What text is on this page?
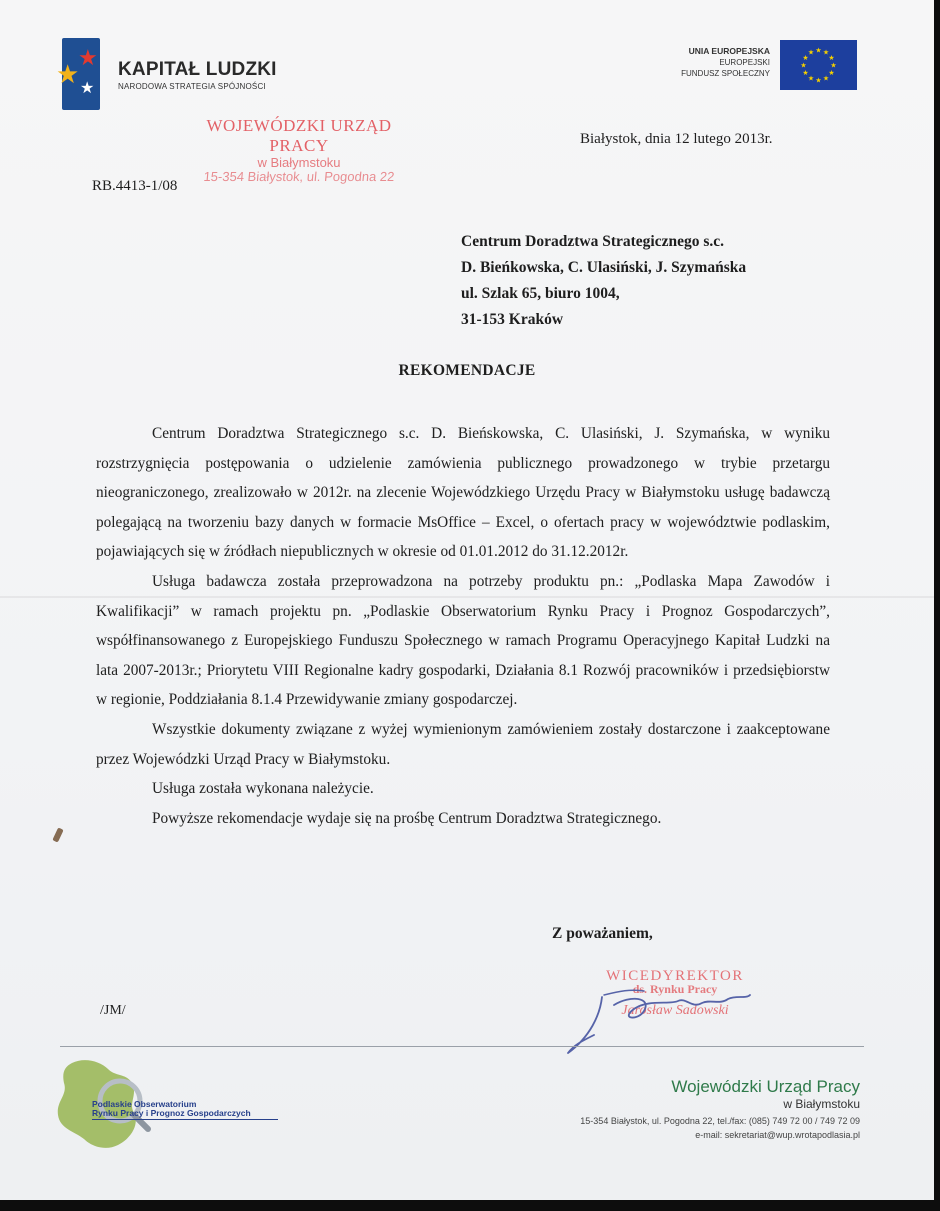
★
★ ★
KAPITAŁ LUDZKI
NARODOWA STRATEGIA SPÓJNOŚCI
UNIA EUROPEJSKA
EUROPEJSKI
FUNDUSZ SPOŁECZNY
★
★
★
★
★
★
★
★
★ ★ ★
★
WOJEWÓDZKI URZĄD PRACY
w Białymstoku
15-354 Białystok, ul. Pogodna 22
Białystok, dnia 12 lutego 2013r.
RB.4413-1/08
Centrum Doradztwa Strategicznego s.c.
D. Bieńkowska, C. Ulasiński, J. Szymańska
ul. Szlak 65, biuro 1004,
31-153 Kraków
REKOMENDACJE

Centrum Doradztwa Strategicznego s.c. D. Bieńskowska, C. Ulasiński, J. Szymańska, w wyniku rozstrzygnięcia postępowania o udzielenie zamówienia publicznego prowadzonego w trybie przetargu nieograniczonego, zrealizowało w 2012r. na zlecenie Wojewódzkiego Urzędu Pracy w Białymstoku usługę badawczą polegającą na tworzeniu bazy danych w formacie MsOffice – Excel, o ofertach pracy w województwie podlaskim, pojawiających się w źródłach niepublicznych w okresie od 01.01.2012 do 31.12.2012r.

Usługa badawcza została przeprowadzona na potrzeby produktu pn.: „Podlaska Mapa Zawodów i Kwalifikacji” w ramach projektu pn. „Podlaskie Obserwatorium Rynku Pracy i Prognoz Gospodarczych”, współfinansowanego z Europejskiego Funduszu Społecznego w ramach Programu Operacyjnego Kapitał Ludzki na lata 2007-2013r.; Priorytetu VIII Regionalne kadry gospodarki, Działania 8.1 Rozwój pracowników i przedsiębiorstw w regionie, Poddziałania 8.1.4 Przewidywanie zmiany gospodarczej.

Wszystkie dokumenty związane z wyżej wymienionym zamówieniem zostały dostarczone i zaakceptowane przez Wojewódzki Urząd Pracy w Białymstoku.

Usługa została wykonana należycie.

Powyższe rekomendacje wydaje się na prośbę Centrum Doradztwa Strategicznego.

Z poważaniem,
WICEDYREKTOR
ds. Rynku Pracy
Jarosław Sadowski
/JM/
Podlaskie Obserwatorium
Rynku Pracy i Prognoz Gospodarczych
Wojewódzki Urząd Pracy
w Białymstoku
15-354 Białystok, ul. Pogodna 22, tel./fax: (085) 749 72 00 / 749 72 09
e-mail: sekretariat@wup.wrotapodlasia.pl
